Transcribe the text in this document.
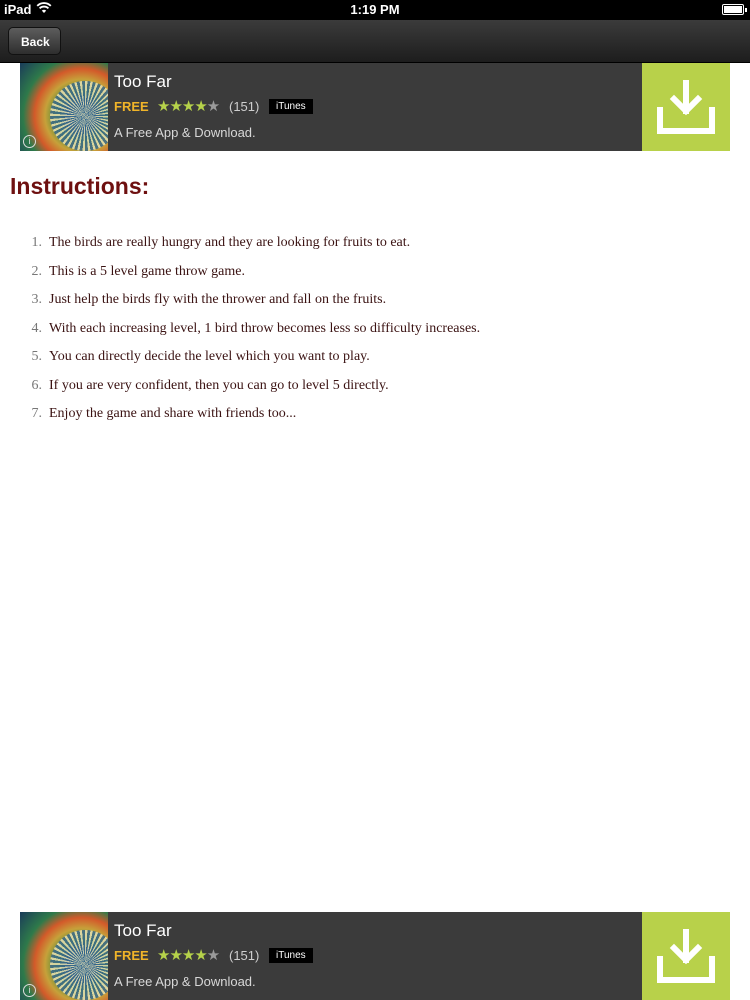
iPad	1:19 PM
Back
i
Too Far
FREE ★★★★★ (151)	iTunes
A Free App & Download.
Instructions:
1. The birds are really hungry and they are looking for fruits to eat.
2. This is a 5 level game throw game.
3. Just help the birds fly with the thrower and fall on the fruits.
4. With each increasing level, 1 bird throw becomes less so difficulty increases.
5. You can directly decide the level which you want to play.
6. If you are very confident, then you can go to level 5 directly.
7. Enjoy the game and share with friends too...
i
Too Far
FREE ★★★★★ (151)	iTunes
A Free App & Download.
